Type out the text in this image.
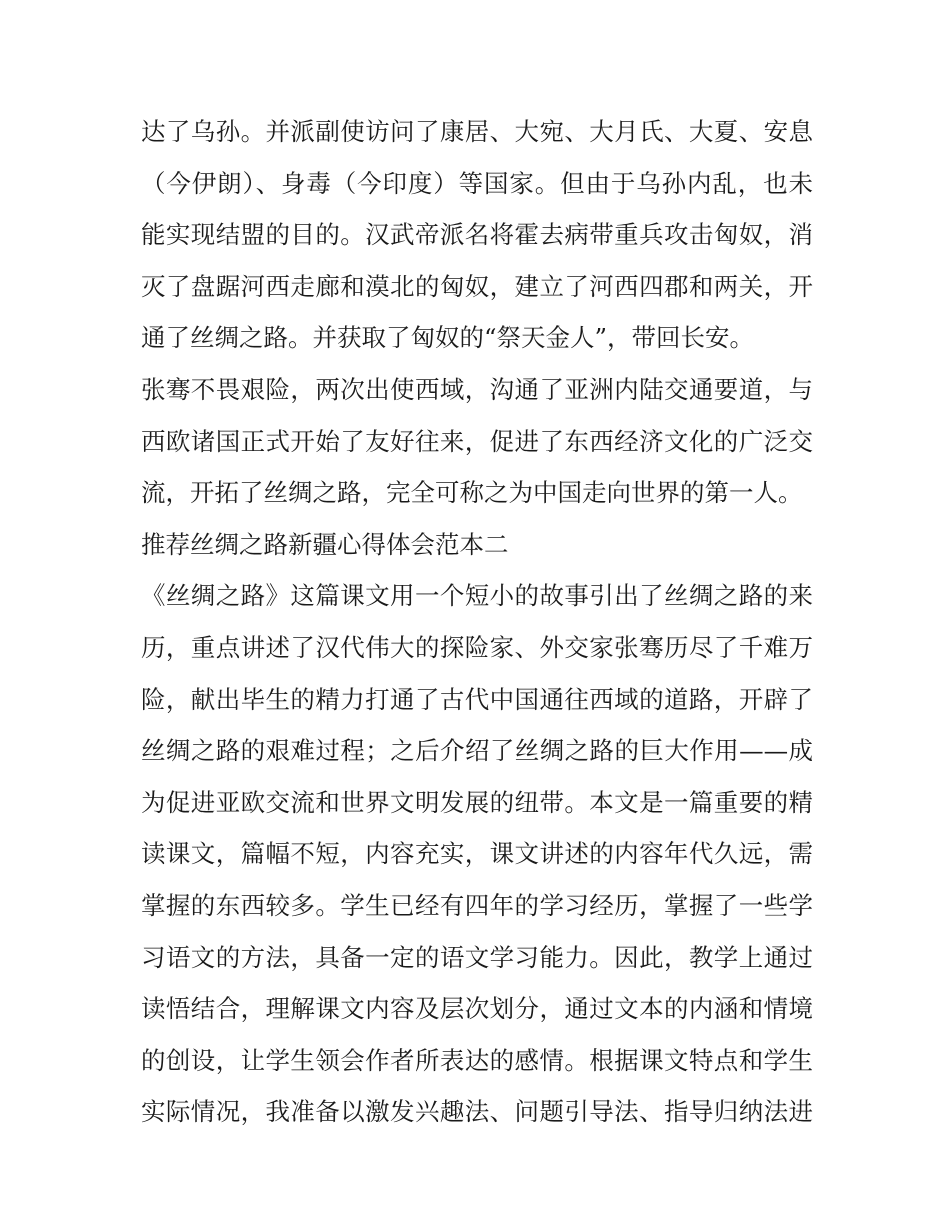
达了乌孙。并派副使访问了康居、大宛、大月氏、大夏、安息
（今伊朗）、身毒（今印度）等国家。但由于乌孙内乱，也未
能实现结盟的目的。汉武帝派名将霍去病带重兵攻击匈奴，消
灭了盘踞河西走廊和漠北的匈奴，建立了河西四郡和两关，开
通了丝绸之路。并获取了匈奴的“祭天金人”，带回长安。
张骞不畏艰险，两次出使西域，沟通了亚洲内陆交通要道，与
西欧诸国正式开始了友好往来，促进了东西经济文化的广泛交
流，开拓了丝绸之路，完全可称之为中国走向世界的第一人。
推荐丝绸之路新疆心得体会范本二
《丝绸之路》这篇课文用一个短小的故事引出了丝绸之路的来
历，重点讲述了汉代伟大的探险家、外交家张骞历尽了千难万
险，献出毕生的精力打通了古代中国通往西域的道路，开辟了
丝绸之路的艰难过程；之后介绍了丝绸之路的巨大作用——成
为促进亚欧交流和世界文明发展的纽带。本文是一篇重要的精
读课文，篇幅不短，内容充实，课文讲述的内容年代久远，需
掌握的东西较多。学生已经有四年的学习经历，掌握了一些学
习语文的方法，具备一定的语文学习能力。因此，教学上通过
读悟结合，理解课文内容及层次划分，通过文本的内涵和情境
的创设，让学生领会作者所表达的感情。根据课文特点和学生
实际情况，我准备以激发兴趣法、问题引导法、指导归纳法进
